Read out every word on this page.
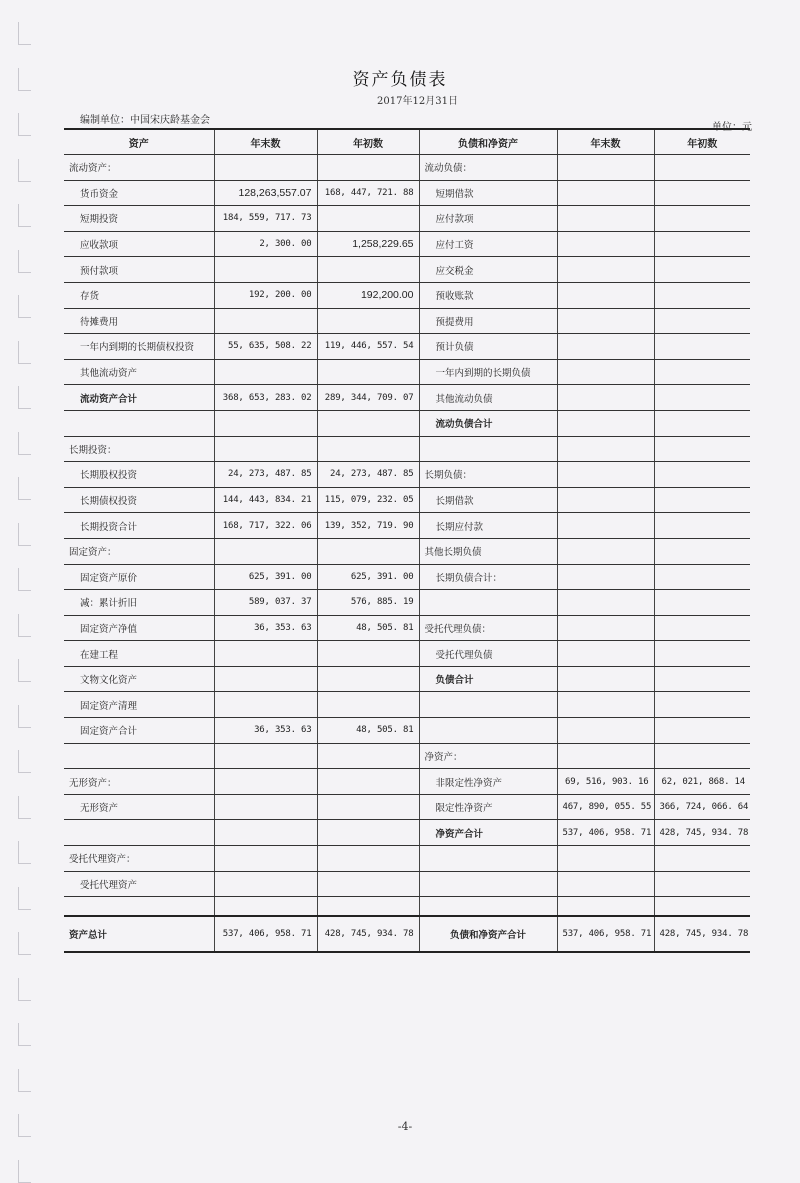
资产负债表
2017年12月31日
编制单位：中国宋庆龄基金会
单位：元
资产	年末数	年初数	负债和净资产	年末数	年初数
流动资产：			流动负债：		
货币资金	128,263,557.07	168, 447, 721. 88	短期借款		
短期投资	184, 559, 717. 73		应付款项		
应收款项	2, 300. 00	1,258,229.65	应付工资		
预付款项			应交税金		
存货	192, 200. 00	192,200.00	预收账款		
待摊费用			预提费用		
一年内到期的长期债权投资	55, 635, 508. 22	119, 446, 557. 54	预计负债		
其他流动资产			一年内到期的长期负债		
流动资产合计	368, 653, 283. 02	289, 344, 709. 07	其他流动负债		
			流动负债合计		
长期投资：					
长期股权投资	24, 273, 487. 85	24, 273, 487. 85	长期负债：		
长期债权投资	144, 443, 834. 21	115, 079, 232. 05	长期借款		
长期投资合计	168, 717, 322. 06	139, 352, 719. 90	长期应付款		
固定资产：			其他长期负债		
固定资产原价	625, 391. 00	625, 391. 00	长期负债合计：		
减：累计折旧	589, 037. 37	576, 885. 19			
固定资产净值	36, 353. 63	48, 505. 81	受托代理负债：		
在建工程			受托代理负债		
文物文化资产			负债合计		
固定资产清理					
固定资产合计	36, 353. 63	48, 505. 81			
			净资产：		
无形资产：			非限定性净资产	69, 516, 903. 16	62, 021, 868. 14
无形资产			限定性净资产	467, 890, 055. 55	366, 724, 066. 64
			净资产合计	537, 406, 958. 71	428, 745, 934. 78
受托代理资产：					
受托代理资产					

资产总计	537, 406, 958. 71	428, 745, 934. 78	负债和净资产合计	537, 406, 958. 71	428, 745, 934. 78
-4-
